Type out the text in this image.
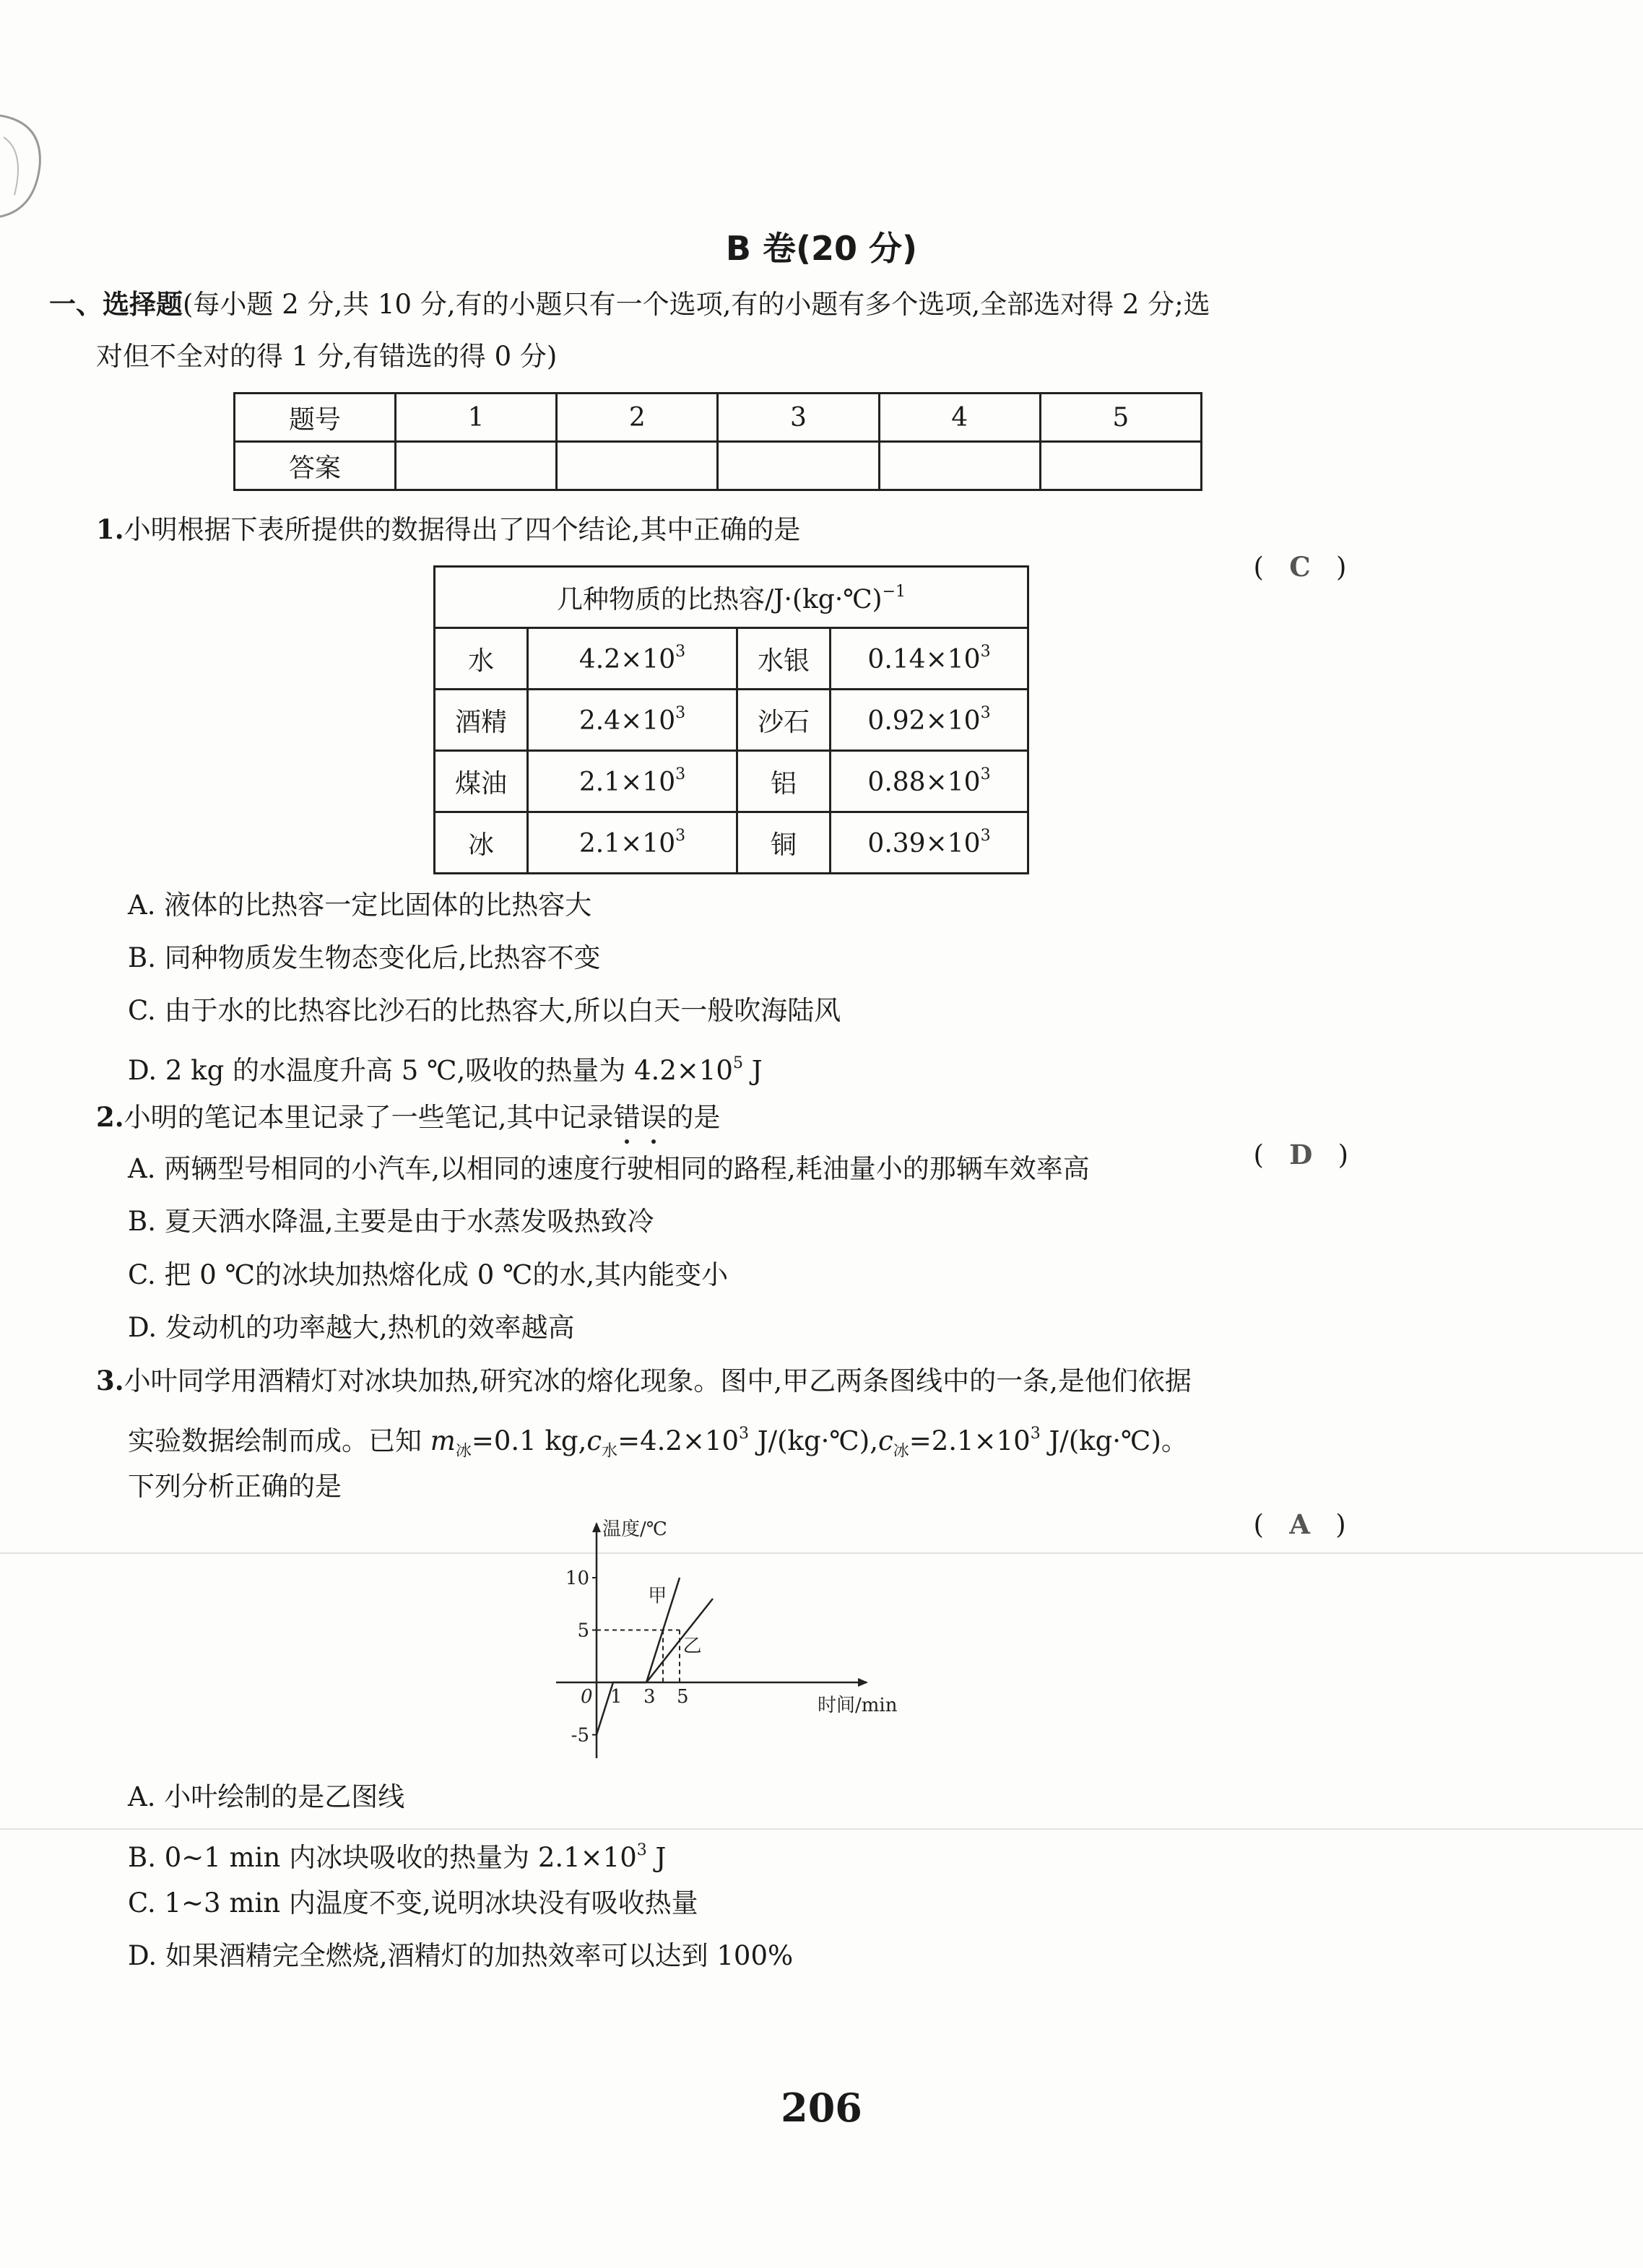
B 卷(20 分)
一、选择题(每小题 2 分,共 10 分,有的小题只有一个选项,有的小题有多个选项,全部选对得 2 分;选
对但不全对的得 1 分,有错选的得 0 分)
题号	1	2	3	4	5
答案					
1.小明根据下表所提供的数据得出了四个结论,其中正确的是

( C )

几种物质的比热容/J·(kg·℃)$^{-1}$
水	$4.2\times 10^3$	水银	$0.14\times 10^3$
酒精	$2.4\times 10^3$	沙石	$0.92\times 10^3$
煤油	$2.1\times 10^3$	铝	$0.88\times 10^3$
冰	$2.1\times 10^3$	铜	$0.39\times 10^3$
A. 液体的比热容一定比固体的比热容大
B. 同种物质发生物态变化后,比热容不变
C. 由于水的比热容比沙石的比热容大,所以白天一般吹海陆风
D. 2 kg 的水温度升高 5 ℃,吸收的热量为 $4.2\times 10^5$ J
2.小明的笔记本里记录了一些笔记,其中记录错误的是

( D )

A. 两辆型号相同的小汽车,以相同的速度行驶相同的路程,耗油量小的那辆车效率高
B. 夏天洒水降温,主要是由于水蒸发吸热致冷
C. 把 0 ℃的冰块加热熔化成 0 ℃的水,其内能变小
D. 发动机的功率越大,热机的效率越高
3.小叶同学用酒精灯对冰块加热,研究冰的熔化现象。图中,甲乙两条图线中的一条,是他们依据
实验数据绘制而成。已知 $m_冰=0.1$ $kg,c_水=4.2\times 10^3$ $J/(kg\cdot℃),c_冰=2.1\times 10^3$ J/(kg·℃)。
下列分析正确的是

( A )

温度/℃
时间/min
10
5
-5
0 1 3 5
甲
乙
A. 小叶绘制的是乙图线
B. 0~1 min 内冰块吸收的热量为 $2.1\times 10^3$ J
C. 1~3 min 内温度不变,说明冰块没有吸收热量
D. 如果酒精完全燃烧,酒精灯的加热效率可以达到 100%
206
